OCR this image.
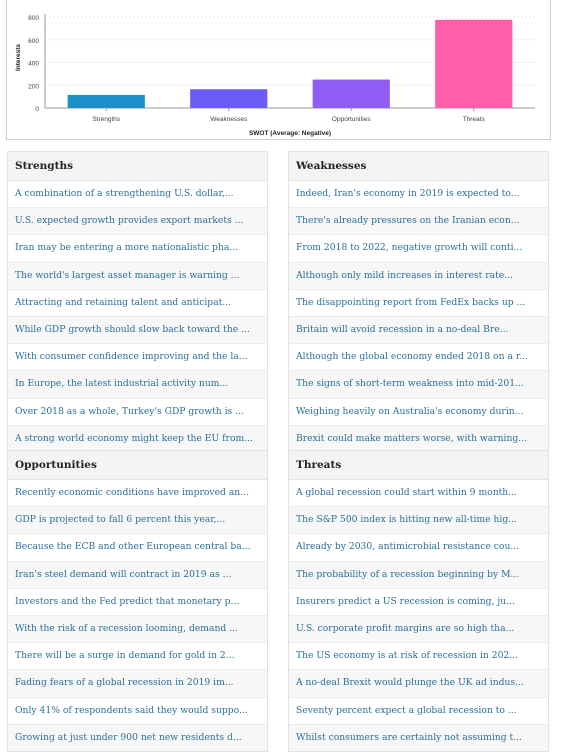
0
200
400
600
800
Strengths	Weaknesses	Opportunities	Threats
SWOT (Average: Negative)
Interests
Strengths
A combination of a strengthening U.S. dollar,...
U.S. expected growth provides export markets ...
Iran may be entering a more nationalistic pha...
The world's largest asset manager is warning ...
Attracting and retaining talent and anticipat...
While GDP growth should slow back toward the ...
With consumer confidence improving and the la...
In Europe, the latest industrial activity num...
Over 2018 as a whole, Turkey's GDP growth is ...
A strong world economy might keep the EU from...
Weaknesses
Indeed, Iran's economy in 2019 is expected to...
There's already pressures on the Iranian econ...
From 2018 to 2022, negative growth will conti...
Although only mild increases in interest rate...
The disappointing report from FedEx backs up ...
Britain will avoid recession in a no-deal Bre...
Although the global economy ended 2018 on a r...
The signs of short-term weakness into mid-201...
Weighing heavily on Australia's economy durin...
Brexit could make matters worse, with warning...
Opportunities
Recently economic conditions have improved an...
GDP is projected to fall 6 percent this year,...
Because the ECB and other European central ba...
Iran's steel demand will contract in 2019 as ...
Investors and the Fed predict that monetary p...
With the risk of a recession looming, demand ...
There will be a surge in demand for gold in 2...
Fading fears of a global recession in 2019 im...
Only 41% of respondents said they would suppo...
Growing at just under 900 net new residents d...
Threats
A global recession could start within 9 month...
The S&P 500 index is hitting new all-time hig...
Already by 2030, antimicrobial resistance cou...
The probability of a recession beginning by M...
Insurers predict a US recession is coming, ju...
U.S. corporate profit margins are so high tha...
The US economy is at risk of recession in 202...
A no-deal Brexit would plunge the UK ad indus...
Seventy percent expect a global recession to ...
Whilst consumers are certainly not assuming t...
